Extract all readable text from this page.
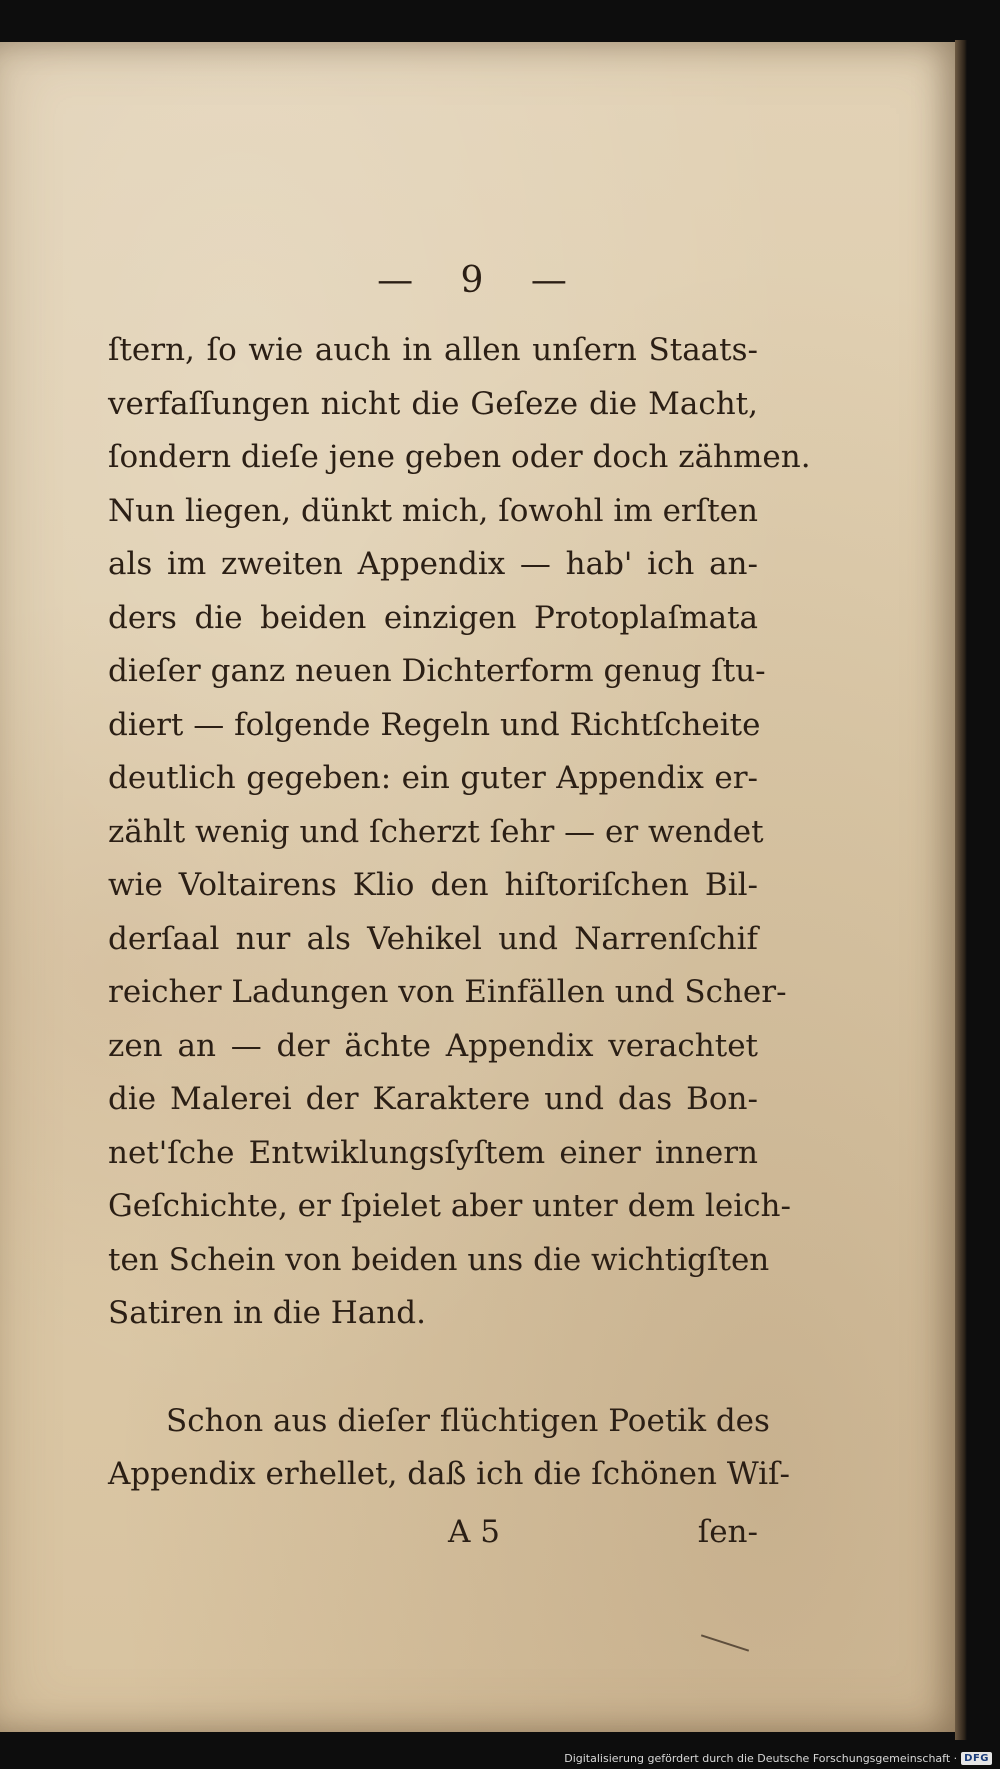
— 9 —
ſtern, ſo wie auch in allen unſern Staats-
verfaſſungen nicht die Geſeze die Macht,
ſondern dieſe jene geben oder doch zähmen.
Nun liegen, dünkt mich, ſowohl im erſten
als im zweiten Appendix — hab' ich an-
ders die beiden einzigen Protoplaſmata
dieſer ganz neuen Dichterform genug ſtu-
diert — folgende Regeln und Richtſcheite
deutlich gegeben: ein guter Appendix er-
zählt wenig und ſcherzt ſehr — er wendet
wie Voltairens Klio den hiſtoriſchen Bil-
derſaal nur als Vehikel und Narrenſchif
reicher Ladungen von Einfällen und Scher-
zen an — der ächte Appendix verachtet
die Malerei der Karaktere und das Bon-
net'ſche Entwiklungsſyſtem einer innern
Geſchichte, er ſpielet aber unter dem leich-
ten Schein von beiden uns die wichtigſten
Satiren in die Hand.
Schon aus dieſer flüchtigen Poetik des
Appendix erhellet, daß ich die ſchönen Wiſ-
A 5	ſen-
Digitalisierung gefördert durch die Deutsche Forschungsgemeinschaft · DFG
